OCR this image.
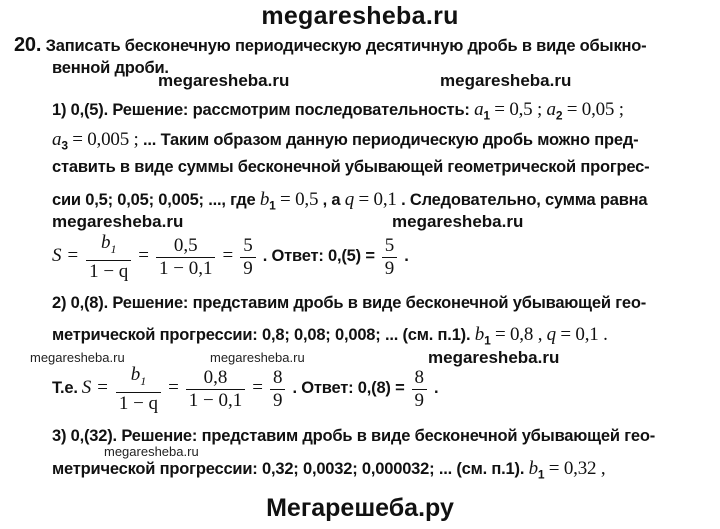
megaresheba.ru
20. Записать бесконечную периодическую десятичную дробь в виде обыкно-
венной дроби.
megaresheba.ru	megaresheba.ru
1) 0,(5). Решение: рассмотрим последовательность: $a_1 = 0,5$ ; $a_2 = 0,05$ ;
$a_3 = 0,005$ ; ... Таким образом данную периодическую дробь можно пред-
ставить в виде суммы бесконечной убывающей геометрической прогрес-
сии 0,5; 0,05; 0,005; ..., где $b_1 = 0,5$ , а q = 0,1 . Следовательно, сумма равна
megaresheba.ru	megaresheba.ru
$S = \frac{b_1}{1 - q} = \frac{0,5}{1 - 0,1} = \frac{5}{9}$ . Ответ: $0,(5) = \frac{5}{9}$ .
2) 0,(8). Решение: представим дробь в виде бесконечной убывающей гео-
метрической прогрессии: 0,8; 0,08; 0,008; ... (см. п.1). $b_1 = 0,8$ , q = 0,1 .
megaresheba.ru	megaresheba.ru	megaresheba.ru
Т.е. $S = \frac{b_1}{1 - q} = \frac{0,8}{1 - 0,1} = \frac{8}{9}$ . Ответ: $0,(8) = \frac{8}{9}$ .
3) 0,(32). Решение: представим дробь в виде бесконечной убывающей гео-
megaresheba.ru
метрической прогрессии: 0,32; 0,0032; 0,000032; ... (см. п.1). $b_1 = 0,32$ ,
Мегарешеба.ру
